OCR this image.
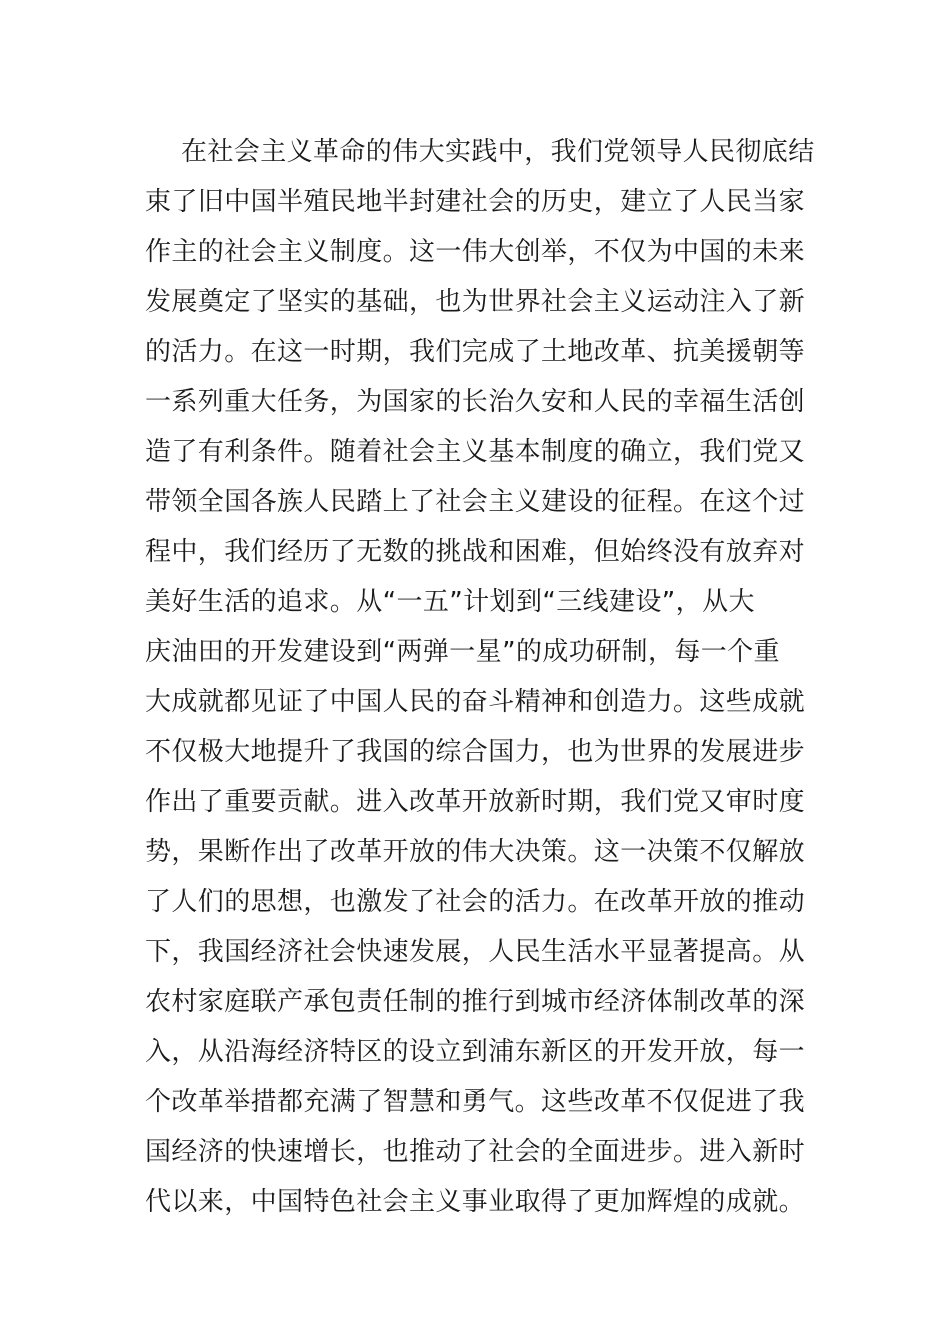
在社会主义革命的伟大实践中，我们党领导人民彻底结
束了旧中国半殖民地半封建社会的历史，建立了人民当家
作主的社会主义制度。这一伟大创举，不仅为中国的未来
发展奠定了坚实的基础，也为世界社会主义运动注入了新
的活力。在这一时期，我们完成了土地改革、抗美援朝等
一系列重大任务，为国家的长治久安和人民的幸福生活创
造了有利条件。随着社会主义基本制度的确立，我们党又
带领全国各族人民踏上了社会主义建设的征程。在这个过
程中，我们经历了无数的挑战和困难，但始终没有放弃对
美好生活的追求。从“一五”计划到“三线建设”，从大
庆油田的开发建设到“两弹一星”的成功研制，每一个重
大成就都见证了中国人民的奋斗精神和创造力。这些成就
不仅极大地提升了我国的综合国力，也为世界的发展进步
作出了重要贡献。进入改革开放新时期，我们党又审时度
势，果断作出了改革开放的伟大决策。这一决策不仅解放
了人们的思想，也激发了社会的活力。在改革开放的推动
下，我国经济社会快速发展，人民生活水平显著提高。从
农村家庭联产承包责任制的推行到城市经济体制改革的深
入，从沿海经济特区的设立到浦东新区的开发开放，每一
个改革举措都充满了智慧和勇气。这些改革不仅促进了我
国经济的快速增长，也推动了社会的全面进步。进入新时
代以来，中国特色社会主义事业取得了更加辉煌的成就。
